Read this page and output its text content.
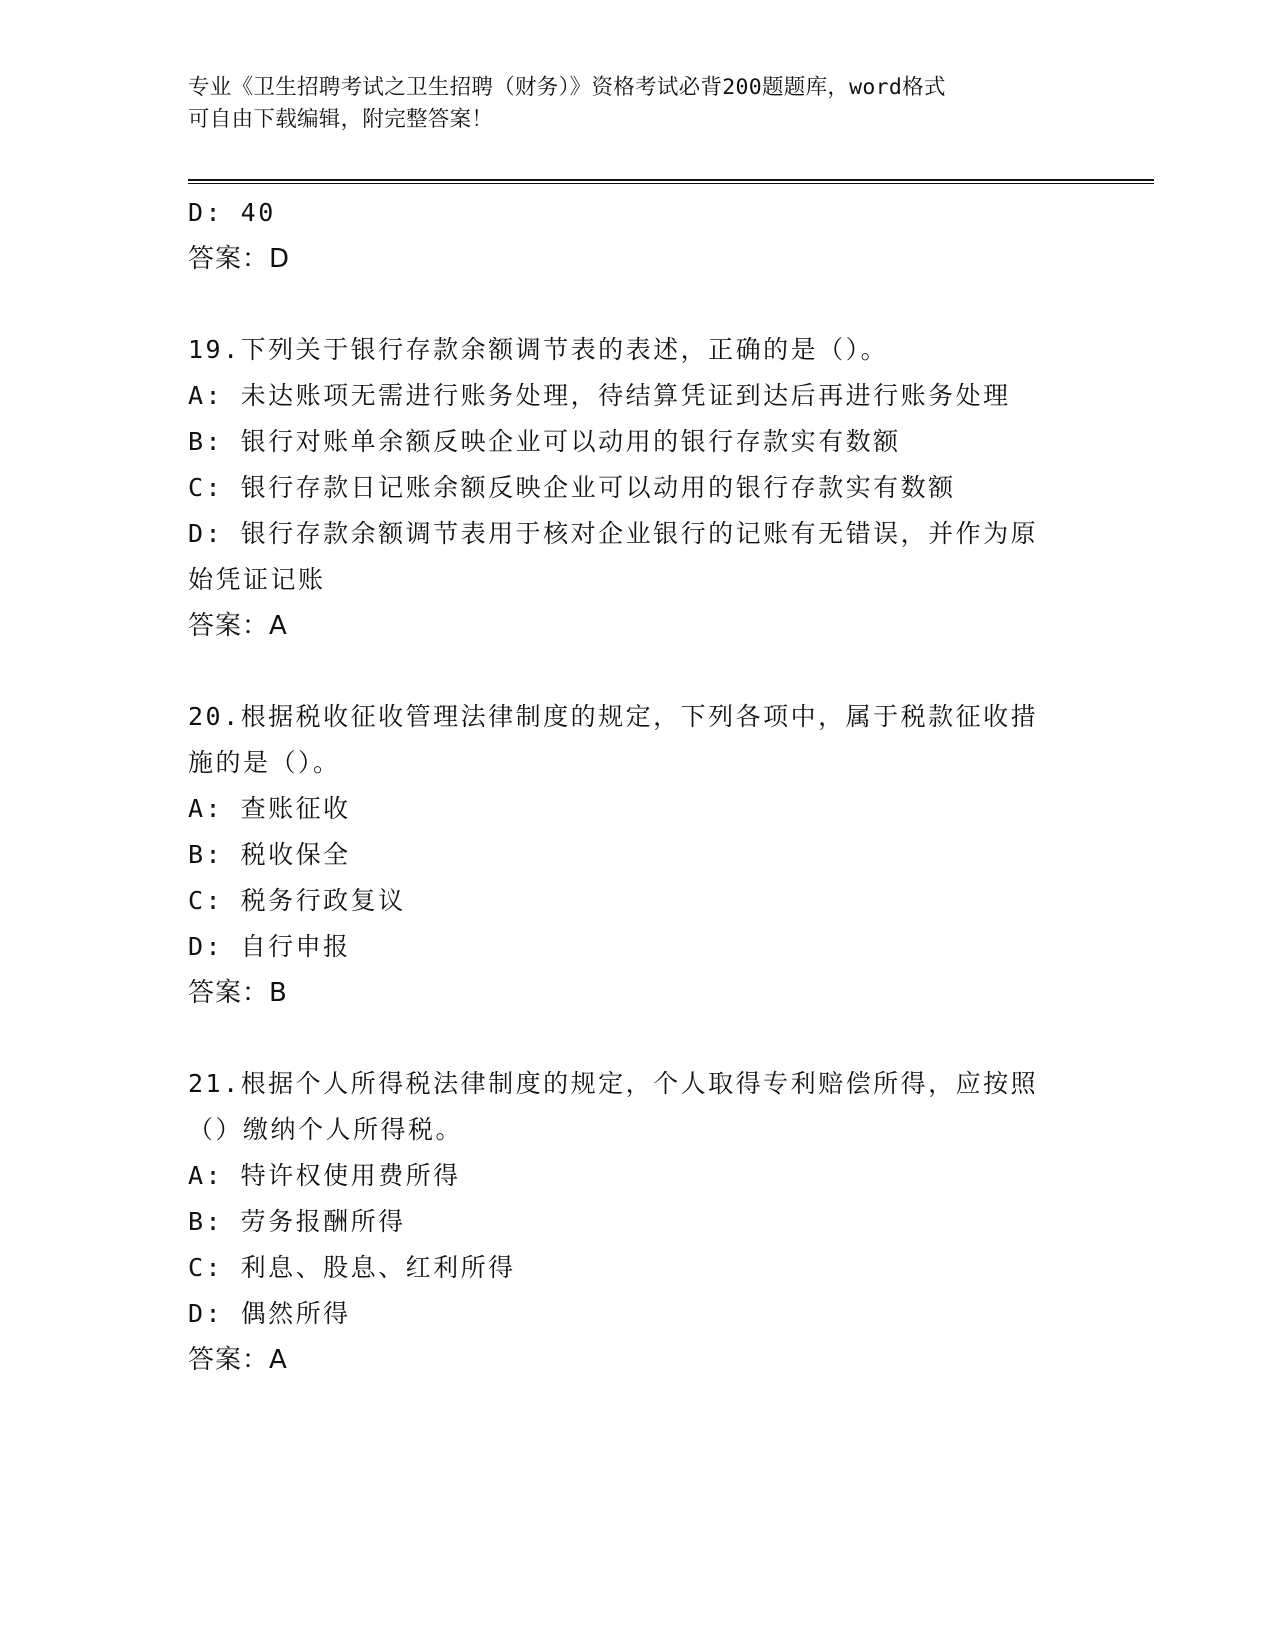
专业《卫生招聘考试之卫生招聘（财务）》资格考试必背200题题库，word格式
可自由下载编辑，附完整答案！
D: 40
答案：D
19.下列关于银行存款余额调节表的表述，正确的是（）。
A: 未达账项无需进行账务处理，待结算凭证到达后再进行账务处理
B: 银行对账单余额反映企业可以动用的银行存款实有数额
C: 银行存款日记账余额反映企业可以动用的银行存款实有数额
D: 银行存款余额调节表用于核对企业银行的记账有无错误，并作为原
始凭证记账
答案：A
20.根据税收征收管理法律制度的规定，下列各项中，属于税款征收措
施的是（）。
A: 查账征收
B: 税收保全
C: 税务行政复议
D: 自行申报
答案：B
21.根据个人所得税法律制度的规定，个人取得专利赔偿所得，应按照
（）缴纳个人所得税。
A: 特许权使用费所得
B: 劳务报酬所得
C: 利息、股息、红利所得
D: 偶然所得
答案：A
